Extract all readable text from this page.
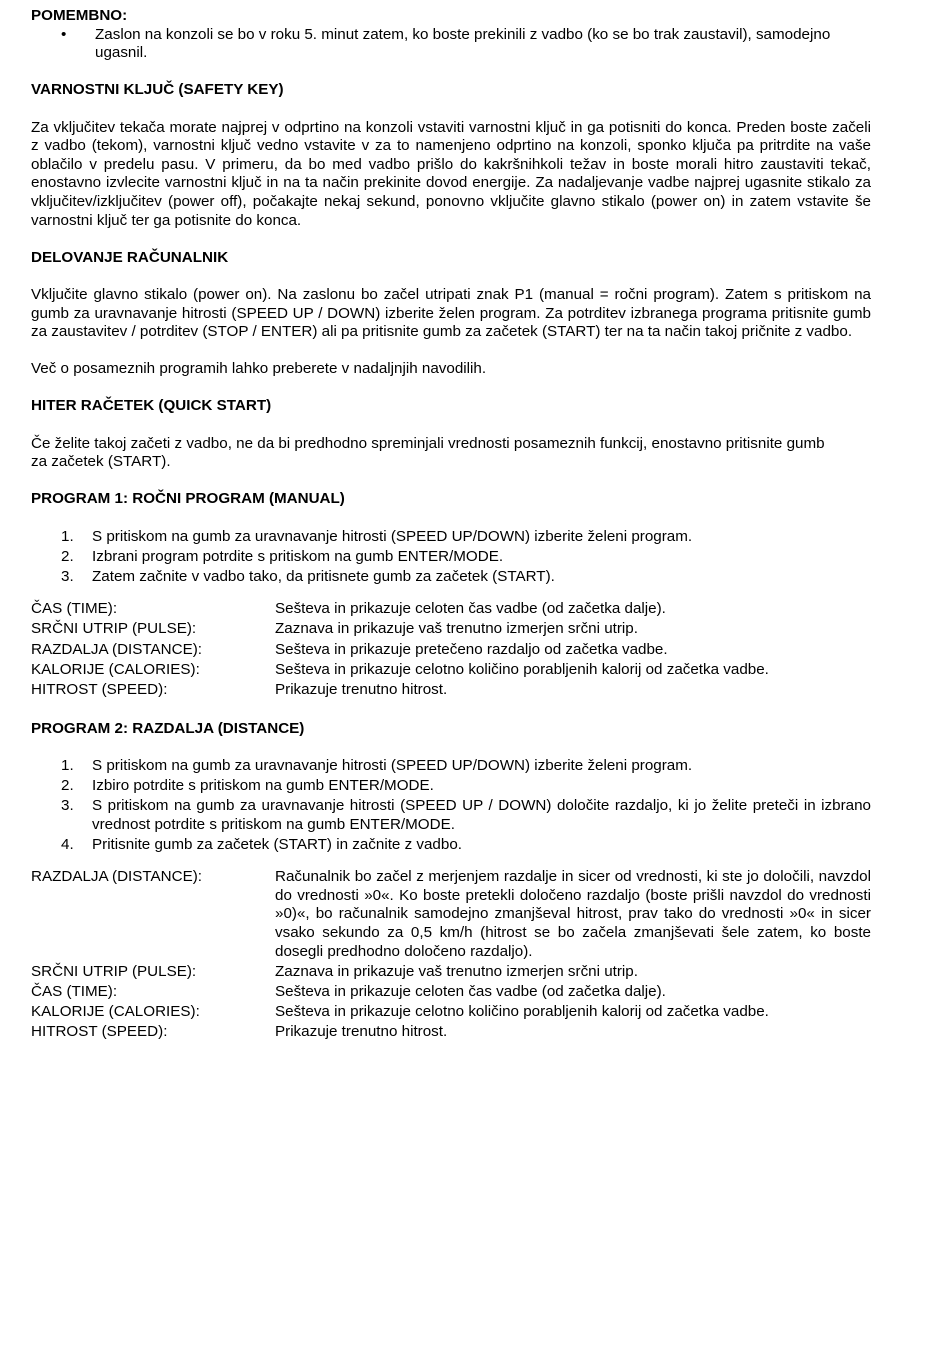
POMEMBNO:
• Zaslon na konzoli se bo v roku 5. minut zatem, ko boste prekinili z vadbo (ko se bo trak zaustavil), samodejno ugasnil.
VARNOSTNI KLJUČ (SAFETY KEY)

Za vključitev tekača morate najprej v odprtino na konzoli vstaviti varnostni ključ in ga potisniti do konca. Preden boste začeli z vadbo (tekom), varnostni ključ vedno vstavite v za to namenjeno odprtino na konzoli, sponko ključa pa pritrdite na vaše oblačilo v predelu pasu. V primeru, da bo med vadbo prišlo do kakršnihkoli težav in boste morali hitro zaustaviti tekač, enostavno izvlecite varnostni ključ in na ta način prekinite dovod energije. Za nadaljevanje vadbe najprej ugasnite stikalo za vključitev/izključitev (power off), počakajte nekaj sekund, ponovno vključite glavno stikalo (power on) in zatem vstavite še varnostni ključ ter ga potisnite do konca.

DELOVANJE RAČUNALNIK

Vključite glavno stikalo (power on). Na zaslonu bo začel utripati znak P1 (manual = ročni program). Zatem s pritiskom na gumb za uravnavanje hitrosti (SPEED UP / DOWN) izberite želen program. Za potrditev izbranega programa pritisnite gumb za zaustavitev / potrditev (STOP / ENTER) ali pa pritisnite gumb za začetek (START) ter na ta način takoj pričnite z vadbo.

Več o posameznih programih lahko preberete v nadaljnjih navodilih.

HITER RAČETEK (QUICK START)

Če želite takoj začeti z vadbo, ne da bi predhodno spreminjali vrednosti posameznih funkcij, enostavno pritisnite gumb za začetek (START).

PROGRAM 1: ROČNI PROGRAM (MANUAL)
1. S pritiskom na gumb za uravnavanje hitrosti (SPEED UP/DOWN) izberite želeni program.
2. Izbrani program potrdite s pritiskom na gumb ENTER/MODE.
3. Zatem začnite v vadbo tako, da pritisnete gumb za začetek (START).
ČAS (TIME):	Sešteva in prikazuje celoten čas vadbe (od začetka dalje).
SRČNI UTRIP (PULSE):	Zaznava in prikazuje vaš trenutno izmerjen srčni utrip.
RAZDALJA (DISTANCE):	Sešteva in prikazuje pretečeno razdaljo od začetka vadbe.
KALORIJE (CALORIES):	Sešteva in prikazuje celotno količino porabljenih kalorij od začetka vadbe.
HITROST (SPEED):	Prikazuje trenutno hitrost.
PROGRAM 2: RAZDALJA (DISTANCE)
1. S pritiskom na gumb za uravnavanje hitrosti (SPEED UP/DOWN) izberite želeni program.
2. Izbiro potrdite s pritiskom na gumb ENTER/MODE.
3. S pritiskom na gumb za uravnavanje hitrosti (SPEED UP / DOWN) določite razdaljo, ki jo želite preteči in izbrano vrednost potrdite s pritiskom na gumb ENTER/MODE.
4. Pritisnite gumb za začetek (START) in začnite z vadbo.
RAZDALJA (DISTANCE):	Računalnik bo začel z merjenjem razdalje in sicer od vrednosti, ki ste jo določili, navzdol do vrednosti »0«. Ko boste pretekli določeno razdaljo (boste prišli navzdol do vrednosti »0)«, bo računalnik samodejno zmanjševal hitrost, prav tako do vrednosti »0« in sicer vsako sekundo za 0,5 km/h (hitrost se bo začela zmanjševati šele zatem, ko boste dosegli predhodno določeno razdaljo).
SRČNI UTRIP (PULSE):	Zaznava in prikazuje vaš trenutno izmerjen srčni utrip.
ČAS (TIME):	Sešteva in prikazuje celoten čas vadbe (od začetka dalje).
KALORIJE (CALORIES):	Sešteva in prikazuje celotno količino porabljenih kalorij od začetka vadbe.
HITROST (SPEED):	Prikazuje trenutno hitrost.
